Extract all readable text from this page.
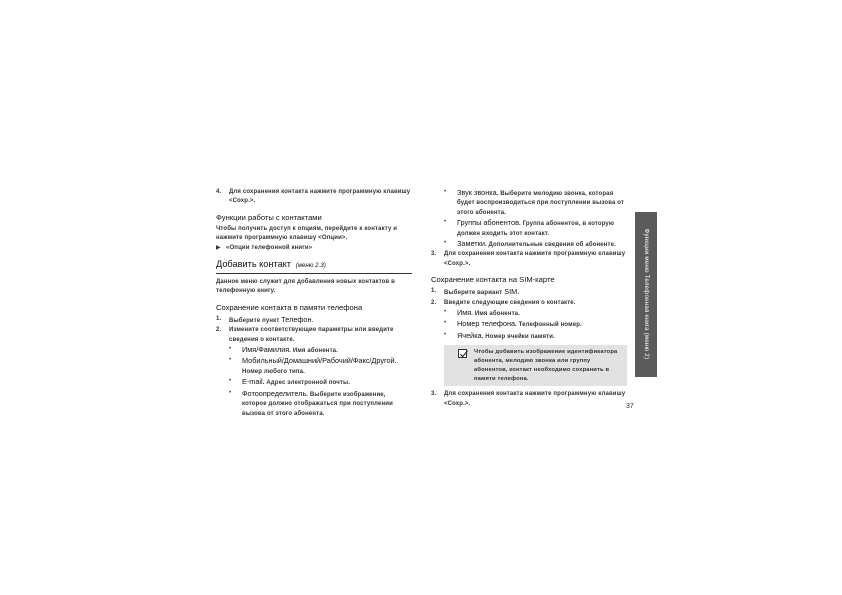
4. Для сохранения контакта нажмите программную клавишу <Сохр.>.
Функции работы с контактами
Чтобы получить доступ к опциям, перейдите к контакту и нажмите программную клавишу <Опции>.
▶ «Опции телефонной книги»
Добавить контакт (меню 2.3)
Данное меню служит для добавления новых контактов в телефонную книгу.
Сохранение контакта в памяти телефона
1. Выберите пункт Телефон.
2. Измените соответствующие параметры или введите сведения о контакте.
• Имя/Фамилия. Имя абонента.
• Мобильный/Домашний/Рабочий/Факс/Другой. Номер любого типа.
• E-mail. Адрес электронной почты.
• Фотоопределитель. Выберите изображение, которое должно отображаться при поступлении вызова от этого абонента.
• Звук звонка. Выберите мелодию звонка, которая будет воспроизводиться при поступлении вызова от этого абонента.
• Группы абонентов. Группа абонентов, в которую должен входить этот контакт.
• Заметки. Дополнительные сведения об абоненте.
3. Для сохранения контакта нажмите программную клавишу <Сохр.>.
Сохранение контакта на SIM-карте
1. Выберите вариант SIM.
2. Введите следующие сведения о контакте.
• Имя. Имя абонента.
• Номер телефона. Телефонный номер.
• Ячейка. Номер ячейки памяти.
Чтобы добавить изображение идентификатора абонента, мелодию звонка или группу абонентов, контакт необходимо сохранить в памяти телефона.
3. Для сохранения контакта нажмите программную клавишу <Сохр.>.
Функции меню Телефонная книга (меню 2)
37
